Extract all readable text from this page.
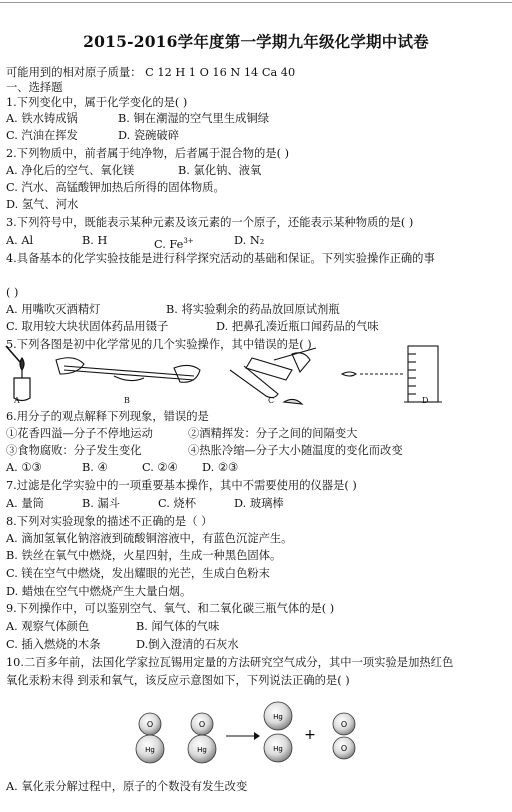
2015-2016学年度第一学期九年级化学期中试卷
可能用到的相对原子质量： C 12 H 1 O 16 N 14 Ca 40
一、选择题
1.下列变化中，属于化学变化的是( )
A. 铁水铸成锅	B. 铜在潮湿的空气里生成铜绿
C. 汽油在挥发	D. 瓷碗破碎
2.下列物质中，前者属于纯净物，后者属于混合物的是( )
A. 净化后的空气、氧化镁	B. 氯化钠、液氧
C. 汽水、高锰酸钾加热后所得的固体物质。
D. 氢气、河水
3.下列符号中，既能表示某种元素及该元素的一个原子，还能表示某种物质的是( )
A. Al	B. H	C. $Fe^{3+}$	D. N₂
4.具备基本的化学实验技能是进行科学探究活动的基础和保证。下列实验操作正确的事
( )
A. 用嘴吹灭酒精灯	B. 将实验剩余的药品放回原试剂瓶
C. 取用较大块状固体药品用镊子	D. 把鼻孔凑近瓶口闻药品的气味
5.下列各图是初中化学常见的几个实验操作，其中错误的是( )
A	B	C	D
6.用分子的观点解释下列现象，错误的是
①花香四溢—分子不停地运动	②酒精挥发：分子之间的间隔变大
③食物腐败：分子发生变化	④热胀冷缩—分子大小随温度的变化而改变
A. ①③	B. ④	C. ②④ D. ②③
7.过滤是化学实验中的一项重要基本操作，其中不需要使用的仪器是( )
A. 量筒	B. 漏斗	C. 烧杯	D. 玻璃棒
8.下列对实验现象的描述不正确的是（ ）
A. 滴加氢氧化钠溶液到硫酸铜溶液中，有蓝色沉淀产生。
B. 铁丝在氧气中燃烧，火星四射，生成一种黑色固体。
C. 镁在空气中燃烧，发出耀眼的光芒，生成白色粉末
D. 蜡烛在空气中燃烧产生大量白烟。
9.下列操作中，可以鉴别空气、氧气、和二氧化碳三瓶气体的是( )
A. 观察气体颜色	B. 闻气体的气味
C. 插入燃烧的木条	D.倒入澄清的石灰水
10.二百多年前，法国化学家拉瓦锡用定量的方法研究空气成分，其中一项实验是加热红色
氧化汞粉末得 到汞和氧气，该反应示意图如下，下列说法正确的是( )
O
Hg
O
Hg
Hg
Hg
+
O
O
A. 氧化汞分解过程中，原子的个数没有发生改变
